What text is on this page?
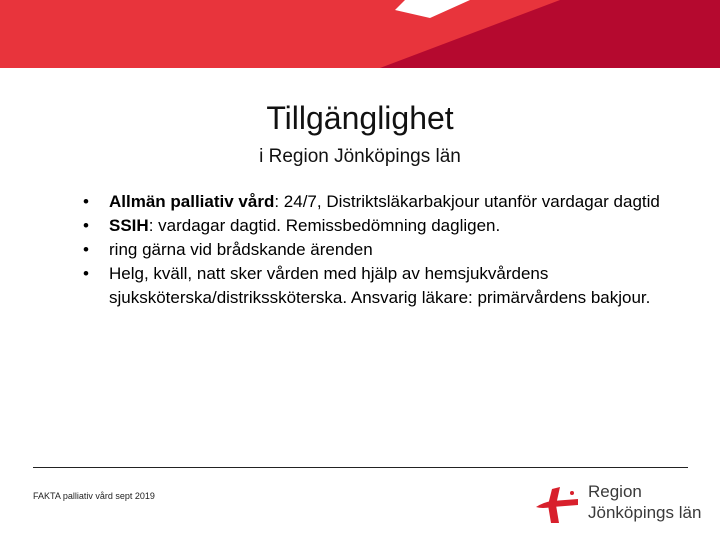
Tillgänglighet
i Region Jönköpings län
• Allmän palliativ vård: 24/7, Distriktsläkarbakjour utanför vardagar dagtid
• SSIH: vardagar dagtid. Remissbedömning dagligen.
• ring gärna vid brådskande ärenden
• Helg, kväll, natt sker vården med hjälp av hemsjukvårdens sjuksköterska/distrikssköterska. Ansvarig läkare: primärvårdens bakjour.
FAKTA palliativ vård sept 2019	Region
Jönköpings län
